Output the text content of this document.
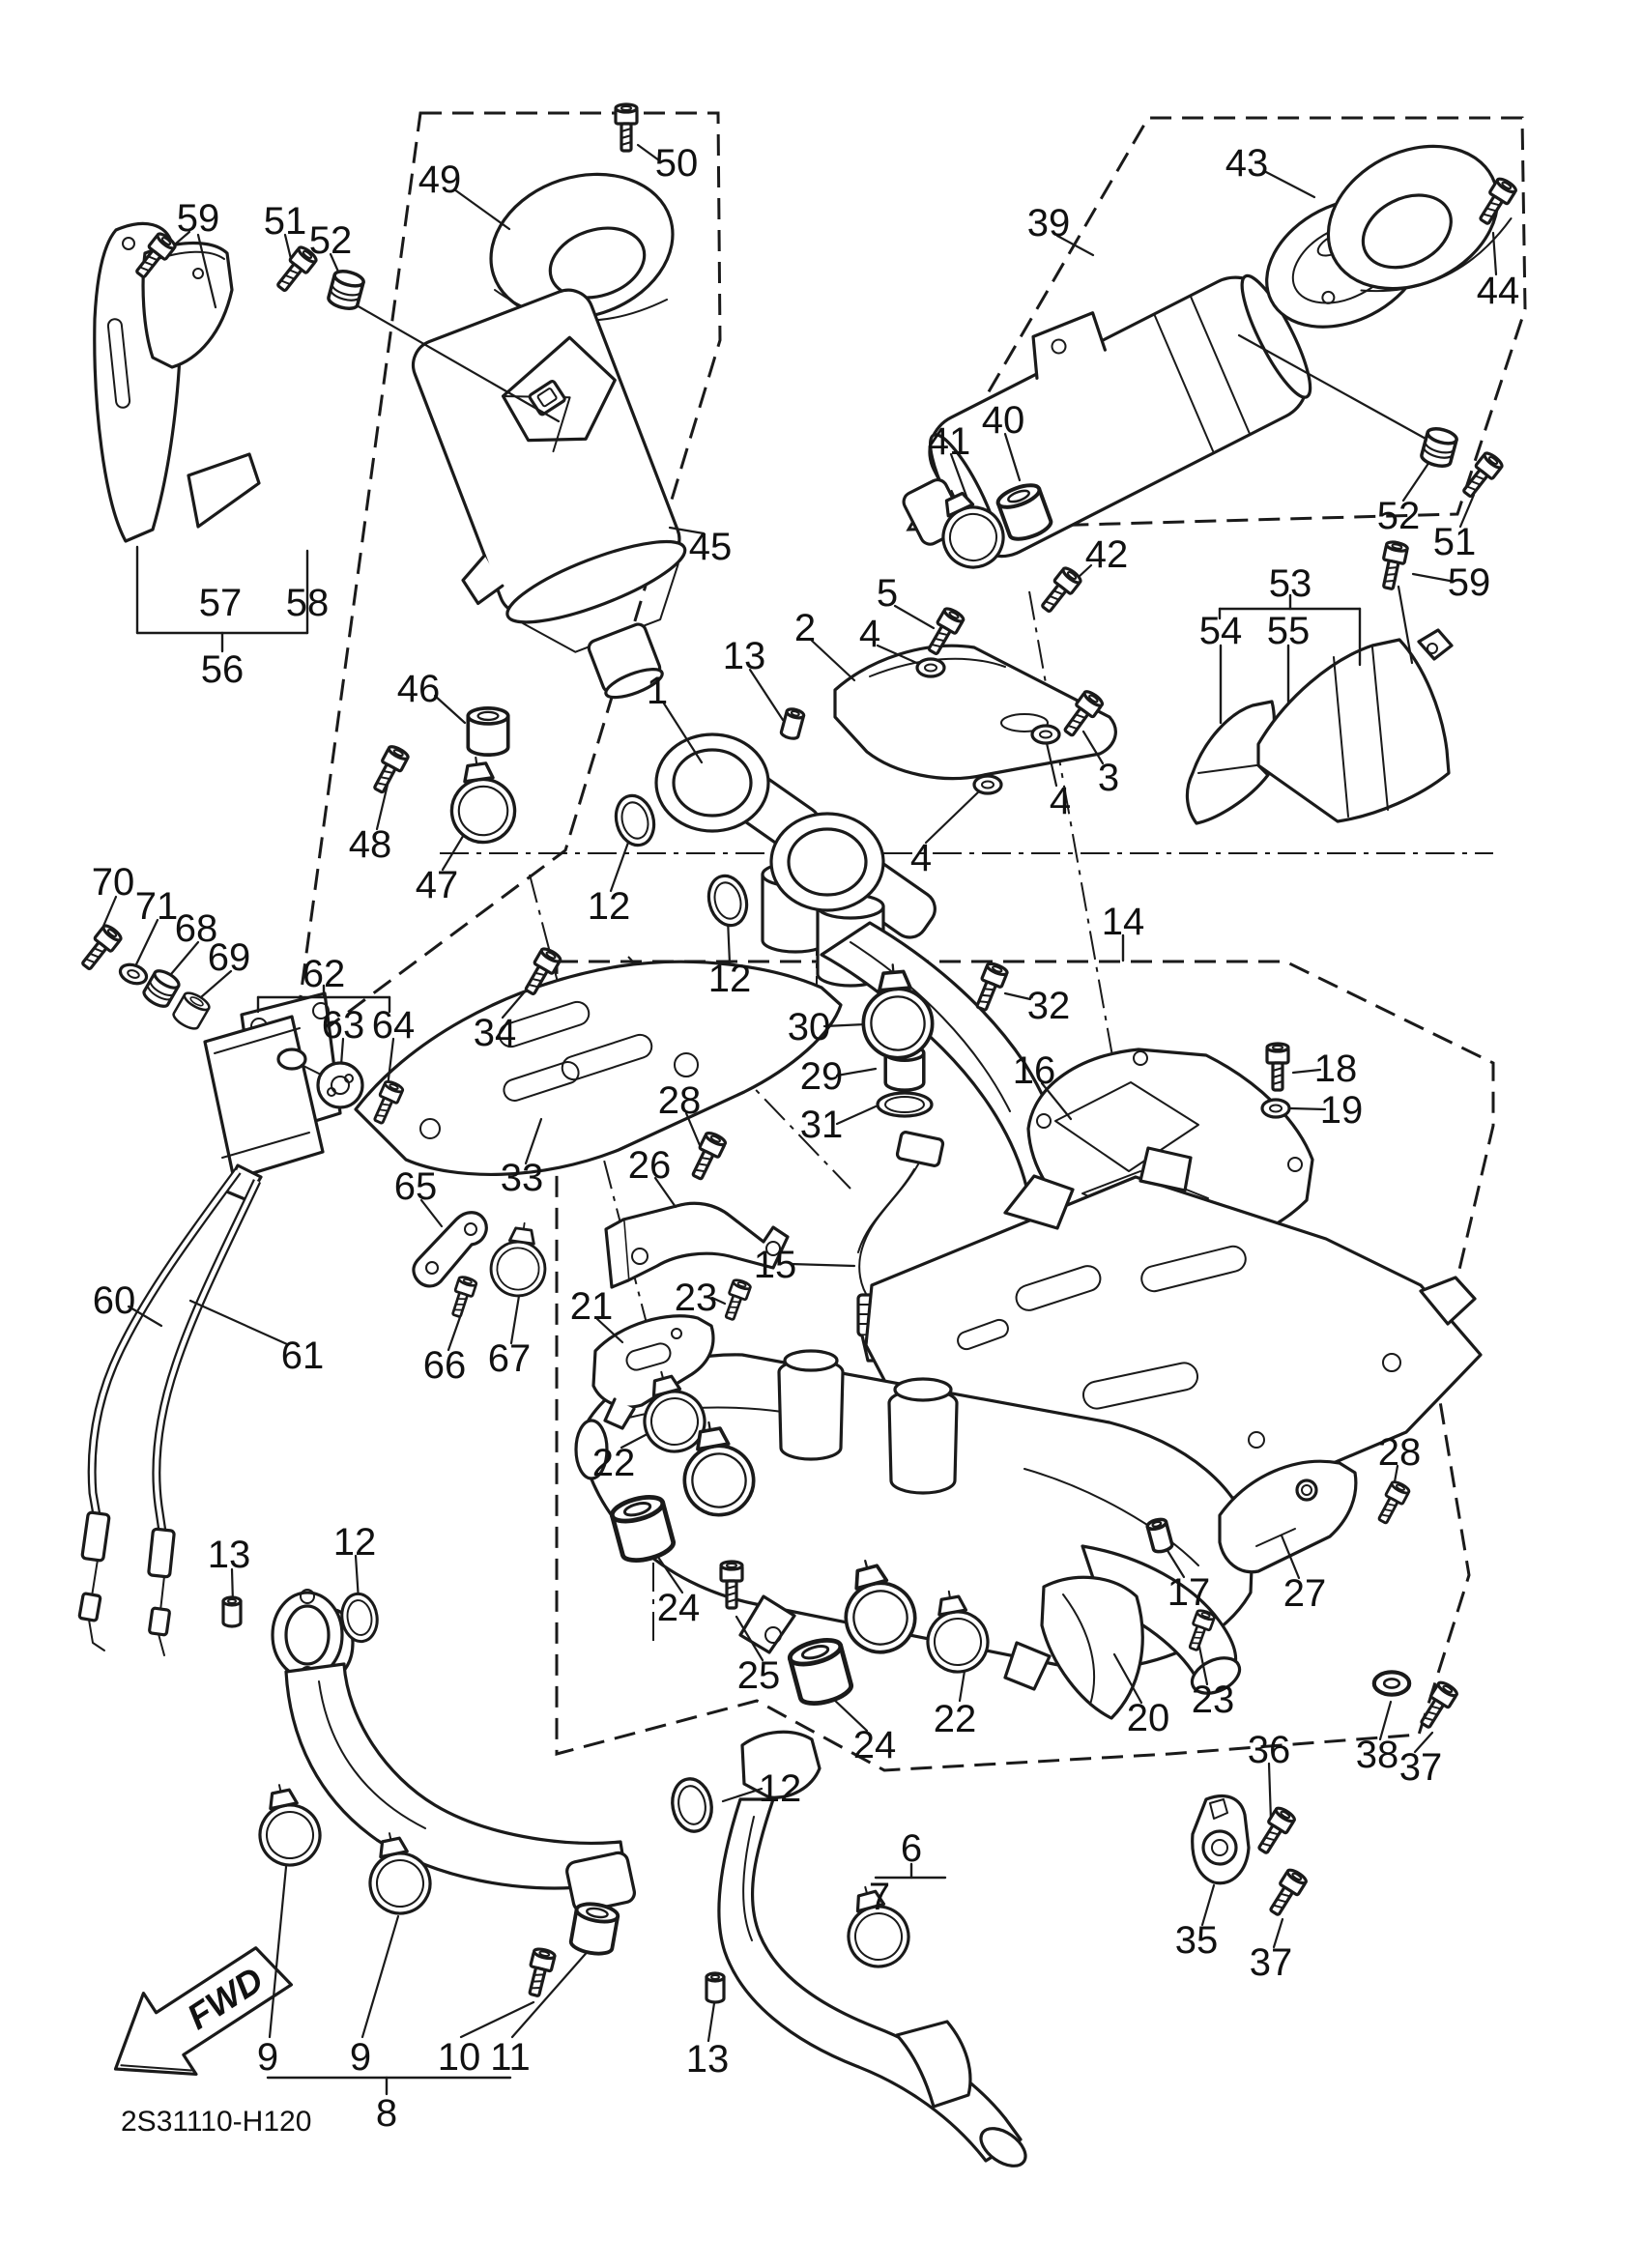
FWD
2S31110-H120
59 51 52
49	50
45
46
48
47
57 58
56
70
71
68
69 62
63 64
60
61
65
66 67
33
34
12
12
1
13
2
5
4
3
4
4
30
29
31
15
26
28
16	18
19
14
32
53
54 55
59
52
51
39
43
44
40
41
42
17 27
28
20 23
36 38 37
35
37
13 12
9 9 10 11
8
12
6
7
13
22
21 23
24
25
22
24
